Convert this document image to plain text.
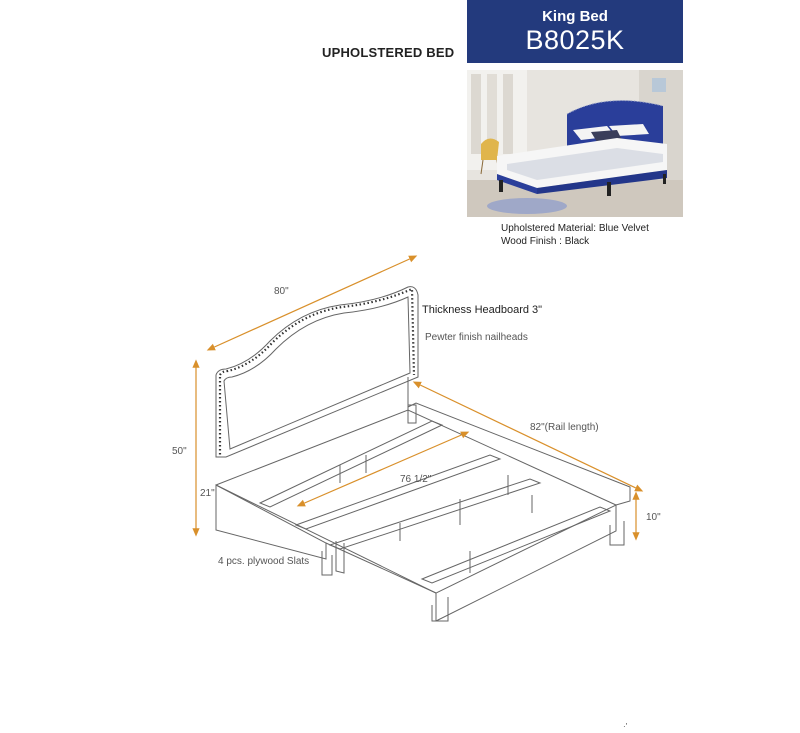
UPHOLSTERED BED
King Bed
B8025K
Upholstered Material: Blue Velvet
Wood Finish : Black
80"
Thickness Headboard 3"
Pewter finish nailheads
50"
82"(Rail length)
76 1/2"
21"
10"
4 pcs. plywood Slats
·'
